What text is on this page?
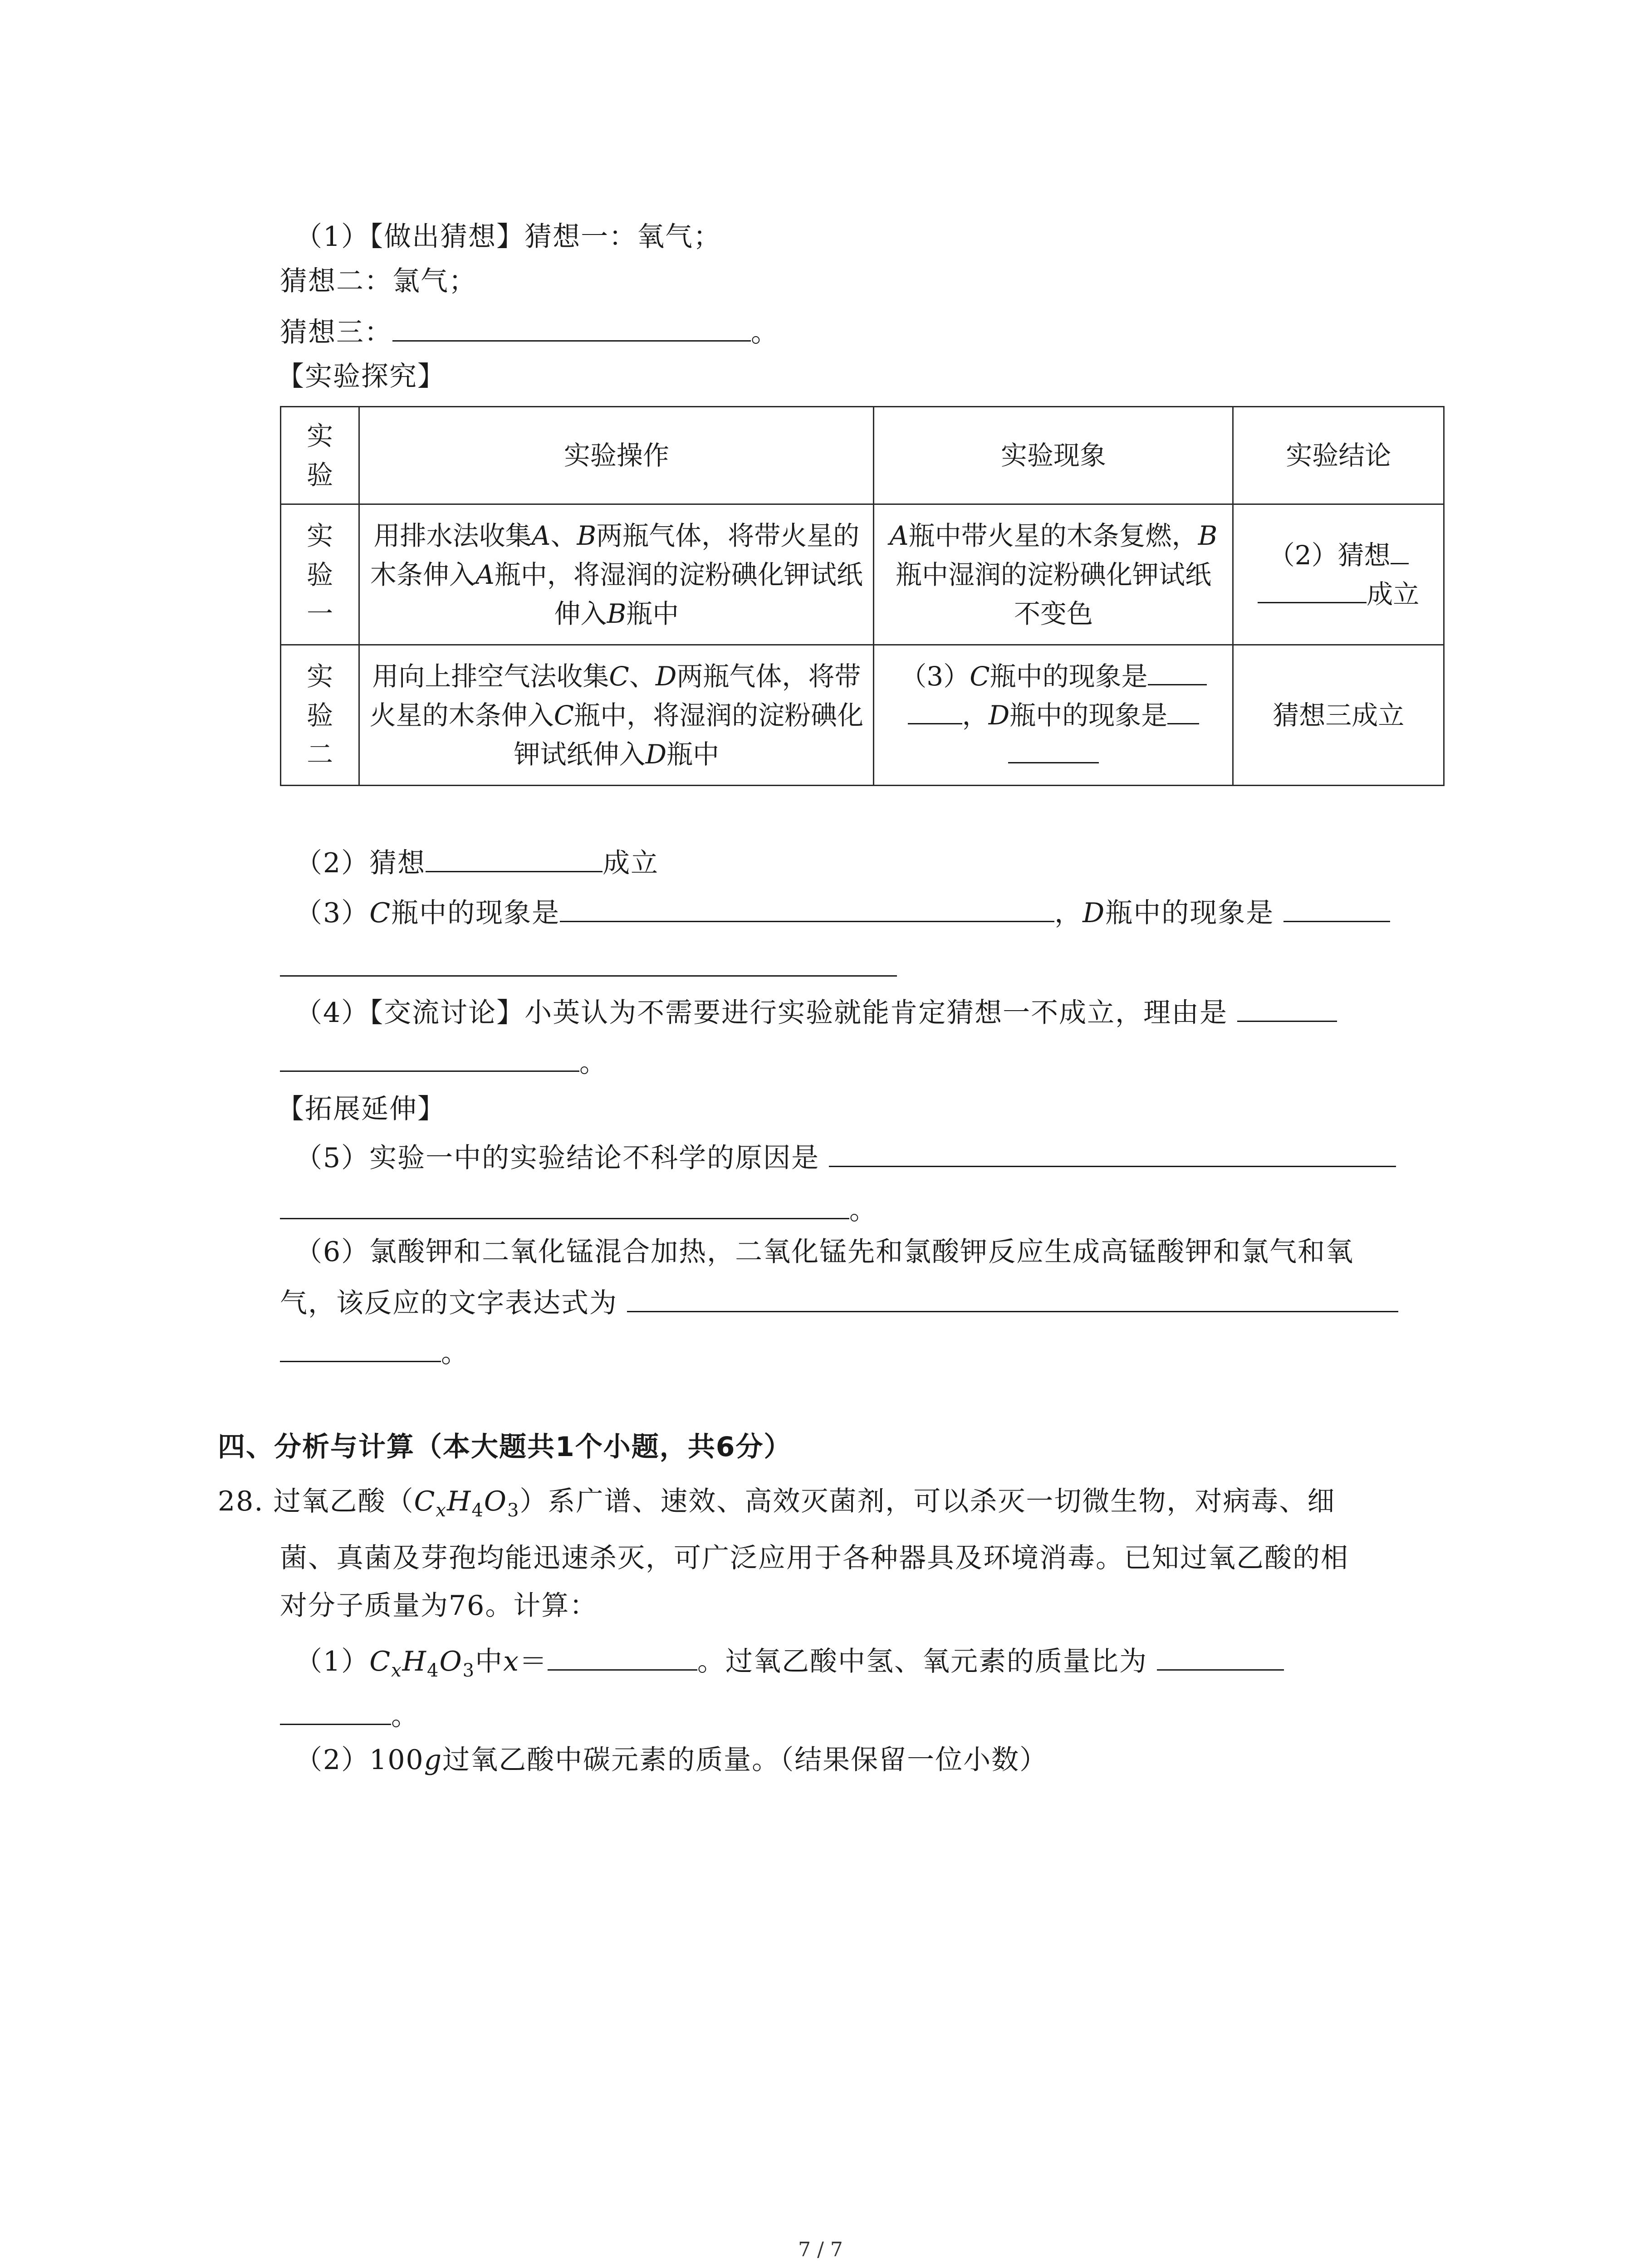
（1）【做出猜想】猜想一：氧气；
猜想二：氯气；
猜想三：	。
【实验探究】
实验	实验操作	实验现象	实验结论
实验一	用排水法收集A、B两瓶气体，将带火星的木条伸入A瓶中，将湿润的淀粉碘化钾试纸伸入B瓶中	A瓶中带火星的木条复燃，B瓶中湿润的淀粉碘化钾试纸不变色	（2）猜想
成立
实验二	用向上排空气法收集C、D两瓶气体，将带火星的木条伸入C瓶中，将湿润的淀粉碘化钾试纸伸入D瓶中	（3）C瓶中的现象是
，D瓶中的现象是	猜想三成立
（2）猜想	成立
（3）C瓶中的现象是	，D瓶中的现象是
（4）【交流讨论】小英认为不需要进行实验就能肯定猜想一不成立，理由是
。
【拓展延伸】
（5）实验一中的实验结论不科学的原因是
。
（6）氯酸钾和二氧化锰混合加热，二氧化锰先和氯酸钾反应生成高锰酸钾和氯气和氧
气，该反应的文字表达式为
。
四、分析与计算（本大题共1个小题，共6分）
28. 过氧乙酸$(C_xH_4O_3)$系广谱、速效、高效灭菌剂，可以杀灭一切微生物，对病毒、细
菌、真菌及芽孢均能迅速杀灭，可广泛应用于各种器具及环境消毒。已知过氧乙酸的相
对分子质量为76。计算：
$(1)C_xH_4O_3$中x＝	。过氧乙酸中氢、氧元素的质量比为
。
（2）100g过氧乙酸中碳元素的质量。（结果保留一位小数）
7 / 7
